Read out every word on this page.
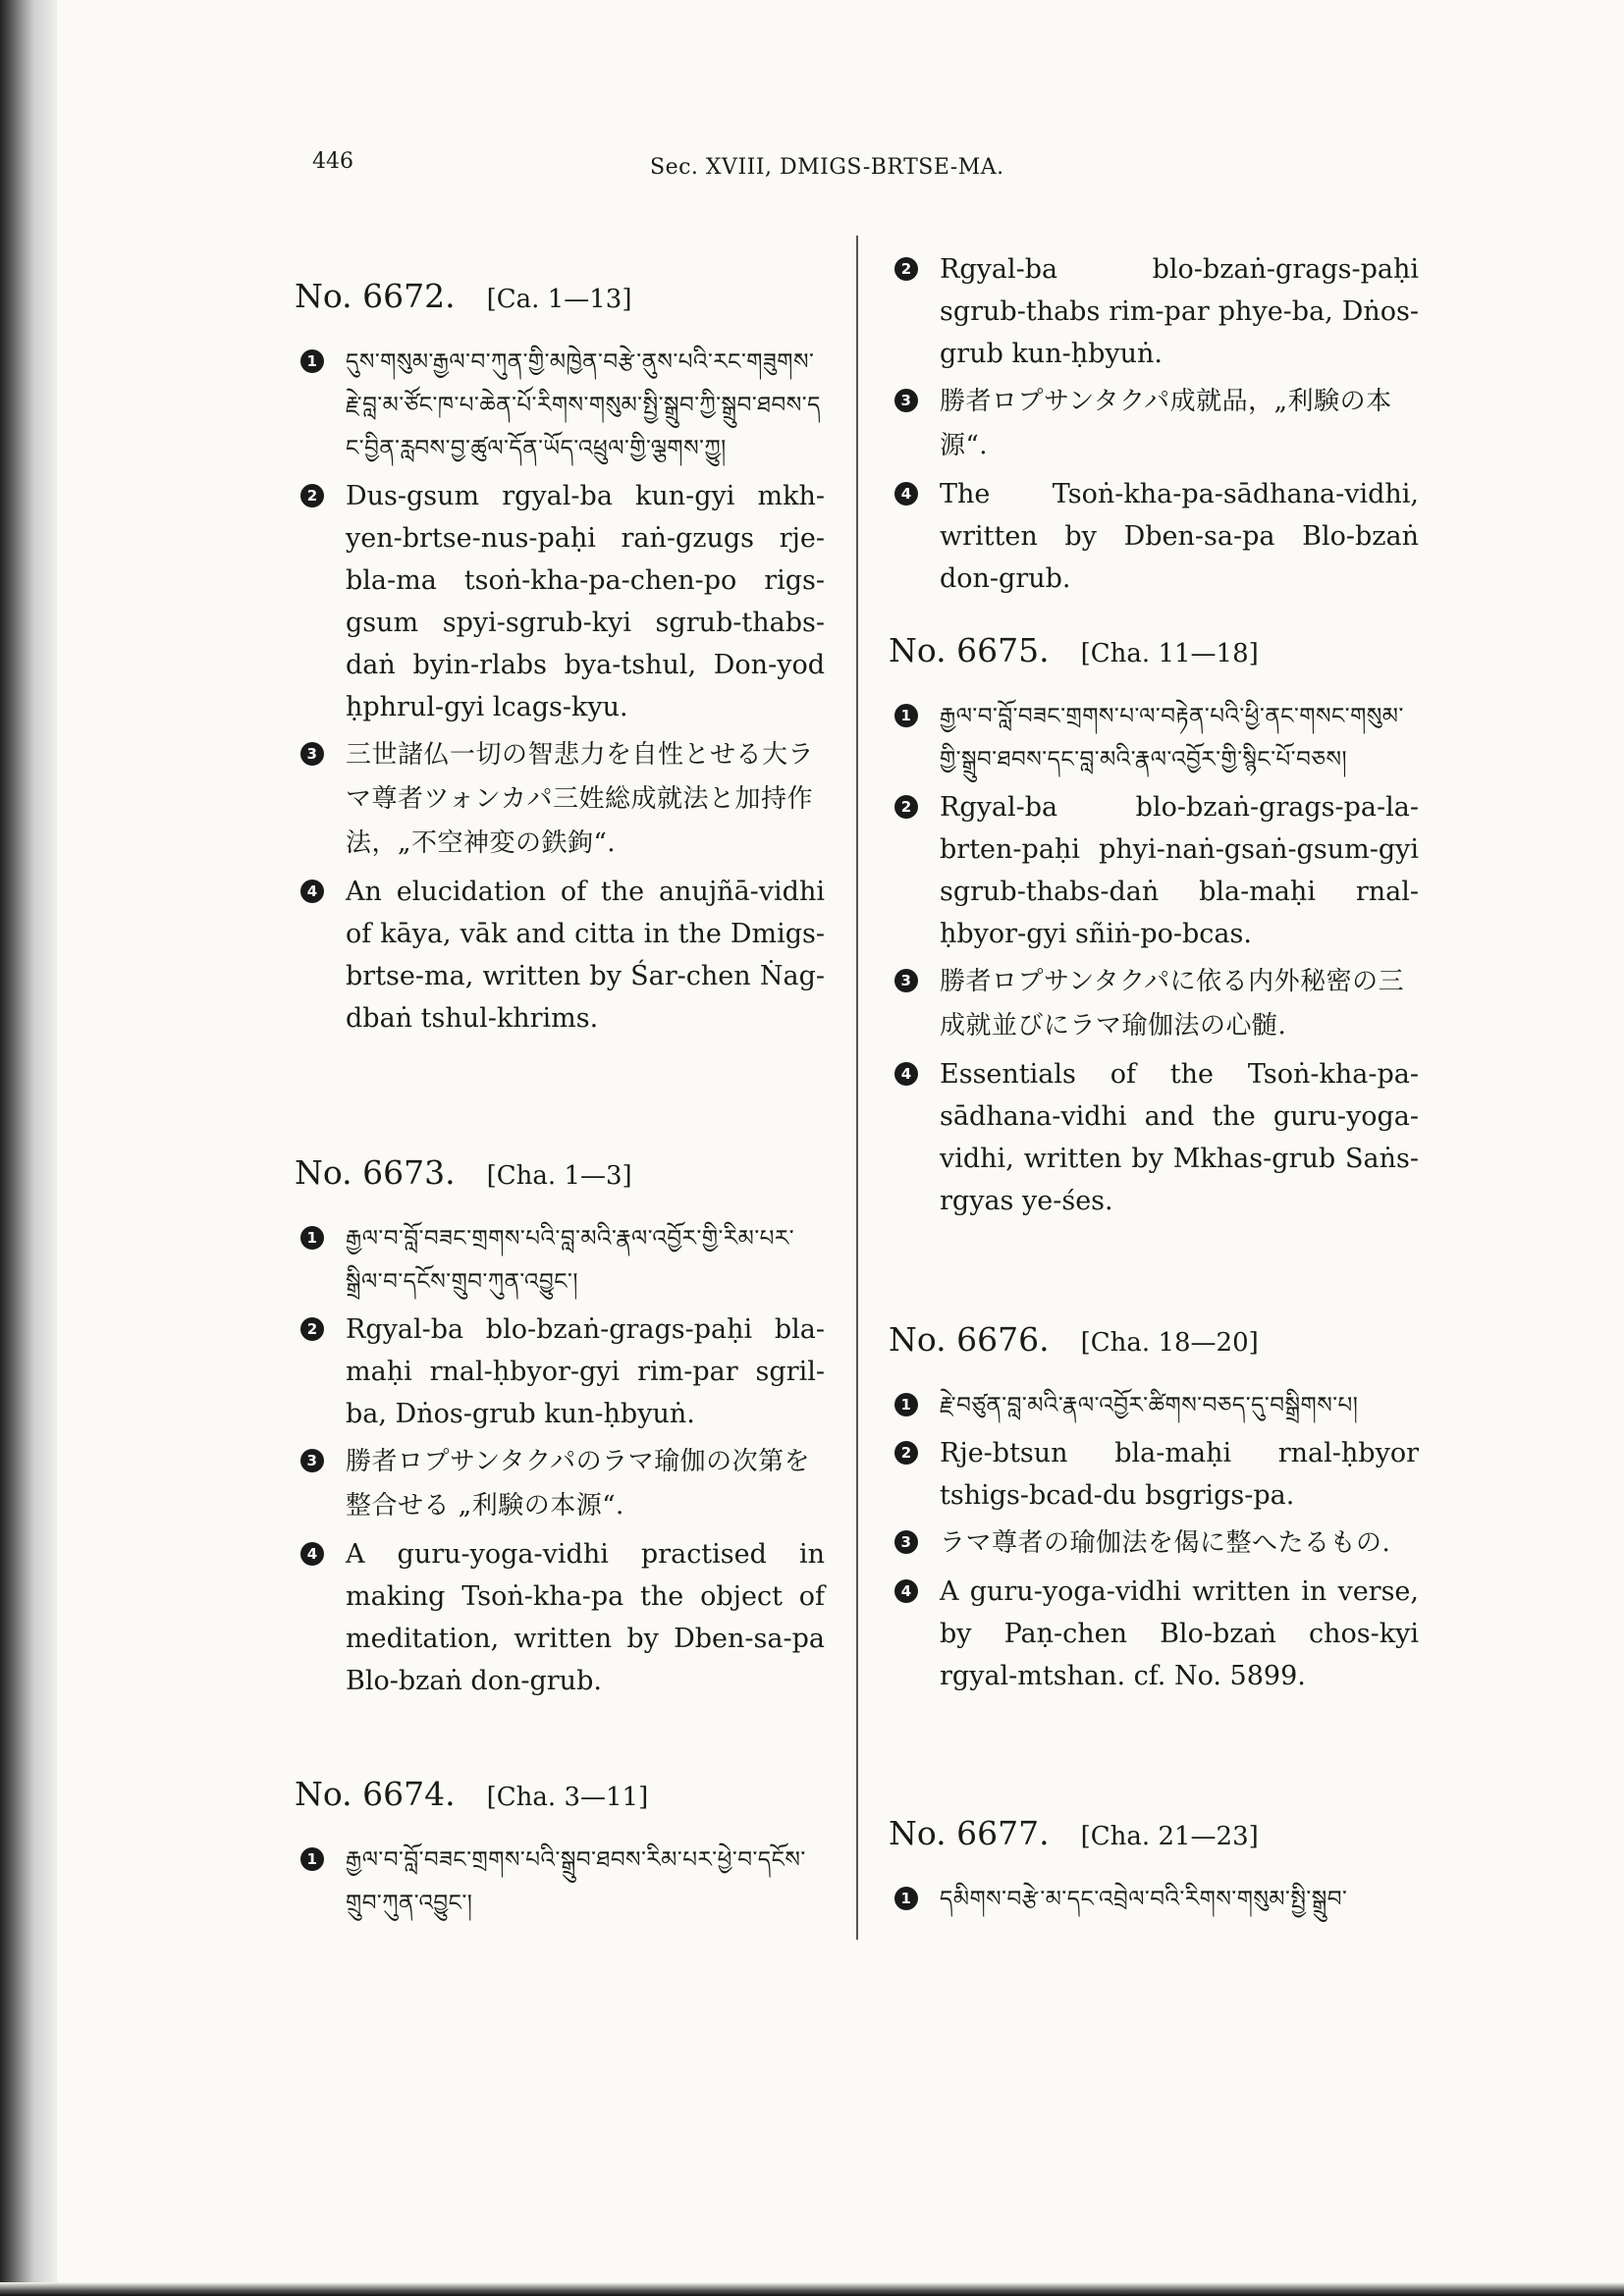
446	Sec. XVIII, DMIGS-BRTSE-MA.
No. 6672. [Ca. 1—13]
1 དུས་གསུམ་རྒྱལ་བ་ཀུན་གྱི་མཁྱེན་བརྩེ་ནུས་པའི་རང་གཟུགས་རྗེ་བླ་མ་ཙོང་ཁ་པ་ཆེན་པོ་རིགས་གསུམ་སྤྱི་སྒྲུབ་ཀྱི་སྒྲུབ་ཐབས་དང་བྱིན་རླབས་བྱ་ཚུལ་དོན་ཡོད་འཕྲུལ་གྱི་ལྕགས་ཀྱུ།
2 Dus-gsum rgyal-ba kun-gyi mkh-yen-brtse-nus-paḥi raṅ-gzugs rje-bla-ma tsoṅ-kha-pa-chen-po rigs-gsum spyi-sgrub-kyi sgrub-thabs-daṅ byin-rlabs bya-tshul, Don-yod ḥphrul-gyi lcags-kyu.
3 三世諸仏一切の智悲力を自性とせる大ラマ尊者ツォンカパ三姓総成就法と加持作法，„不空神変の鉄鉤“.
4 An elucidation of the anujñā-vidhi of kāya, vāk and citta in the Dmigs-brtse-ma, written by Śar-chen Ṅag-dbaṅ tshul-khrims.
No. 6673. [Cha. 1—3]
1 རྒྱལ་བ་བློ་བཟང་གྲགས་པའི་བླ་མའི་རྣལ་འབྱོར་གྱི་རིམ་པར་སྒྲིལ་བ་དངོས་གྲུབ་ཀུན་འབྱུང་།
2 Rgyal-ba blo-bzaṅ-grags-paḥi bla-maḥi rnal-ḥbyor-gyi rim-par sgril-ba, Dṅos-grub kun-ḥbyuṅ.
3 勝者ロプサンタクパのラマ瑜伽の次第を整合せる „利験の本源“.
4 A guru-yoga-vidhi practised in making Tsoṅ-kha-pa the object of meditation, written by Dben-sa-pa Blo-bzaṅ don-grub.
No. 6674. [Cha. 3—11]
1 རྒྱལ་བ་བློ་བཟང་གྲགས་པའི་སྒྲུབ་ཐབས་རིམ་པར་ཕྱེ་བ་དངོས་གྲུབ་ཀུན་འབྱུང་།
2 Rgyal-ba blo-bzaṅ-grags-paḥi sgrub-thabs rim-par phye-ba, Dṅos-grub kun-ḥbyuṅ.
3 勝者ロプサンタクパ成就品，„利験の本源“.
4 The Tsoṅ-kha-pa-sādhana-vidhi, written by Dben-sa-pa Blo-bzaṅ don-grub.
No. 6675. [Cha. 11—18]
1 རྒྱལ་བ་བློ་བཟང་གྲགས་པ་ལ་བརྟེན་པའི་ཕྱི་ནང་གསང་གསུམ་གྱི་སྒྲུབ་ཐབས་དང་བླ་མའི་རྣལ་འབྱོར་གྱི་སྙིང་པོ་བཅས།
2 Rgyal-ba blo-bzaṅ-grags-pa-la-brten-paḥi phyi-naṅ-gsaṅ-gsum-gyi sgrub-thabs-daṅ bla-maḥi rnal-ḥbyor-gyi sñiṅ-po-bcas.
3 勝者ロプサンタクパに依る内外秘密の三成就並びにラマ瑜伽法の心髄.
4 Essentials of the Tsoṅ-kha-pa-sādhana-vidhi and the guru-yoga-vidhi, written by Mkhas-grub Saṅs-rgyas ye-śes.
No. 6676. [Cha. 18—20]
1 རྗེ་བཙུན་བླ་མའི་རྣལ་འབྱོར་ཚིགས་བཅད་དུ་བསྒྲིགས་པ།
2 Rje-btsun bla-maḥi rnal-ḥbyor tshigs-bcad-du bsgrigs-pa.
3 ラマ尊者の瑜伽法を偈に整へたるもの.
4 A guru-yoga-vidhi written in verse, by Paṇ-chen Blo-bzaṅ chos-kyi rgyal-mtshan. cf. No. 5899.
No. 6677. [Cha. 21—23]
1 དམིགས་བརྩེ་མ་དང་འབྲེལ་བའི་རིགས་གསུམ་སྤྱི་སྒྲུབ་
